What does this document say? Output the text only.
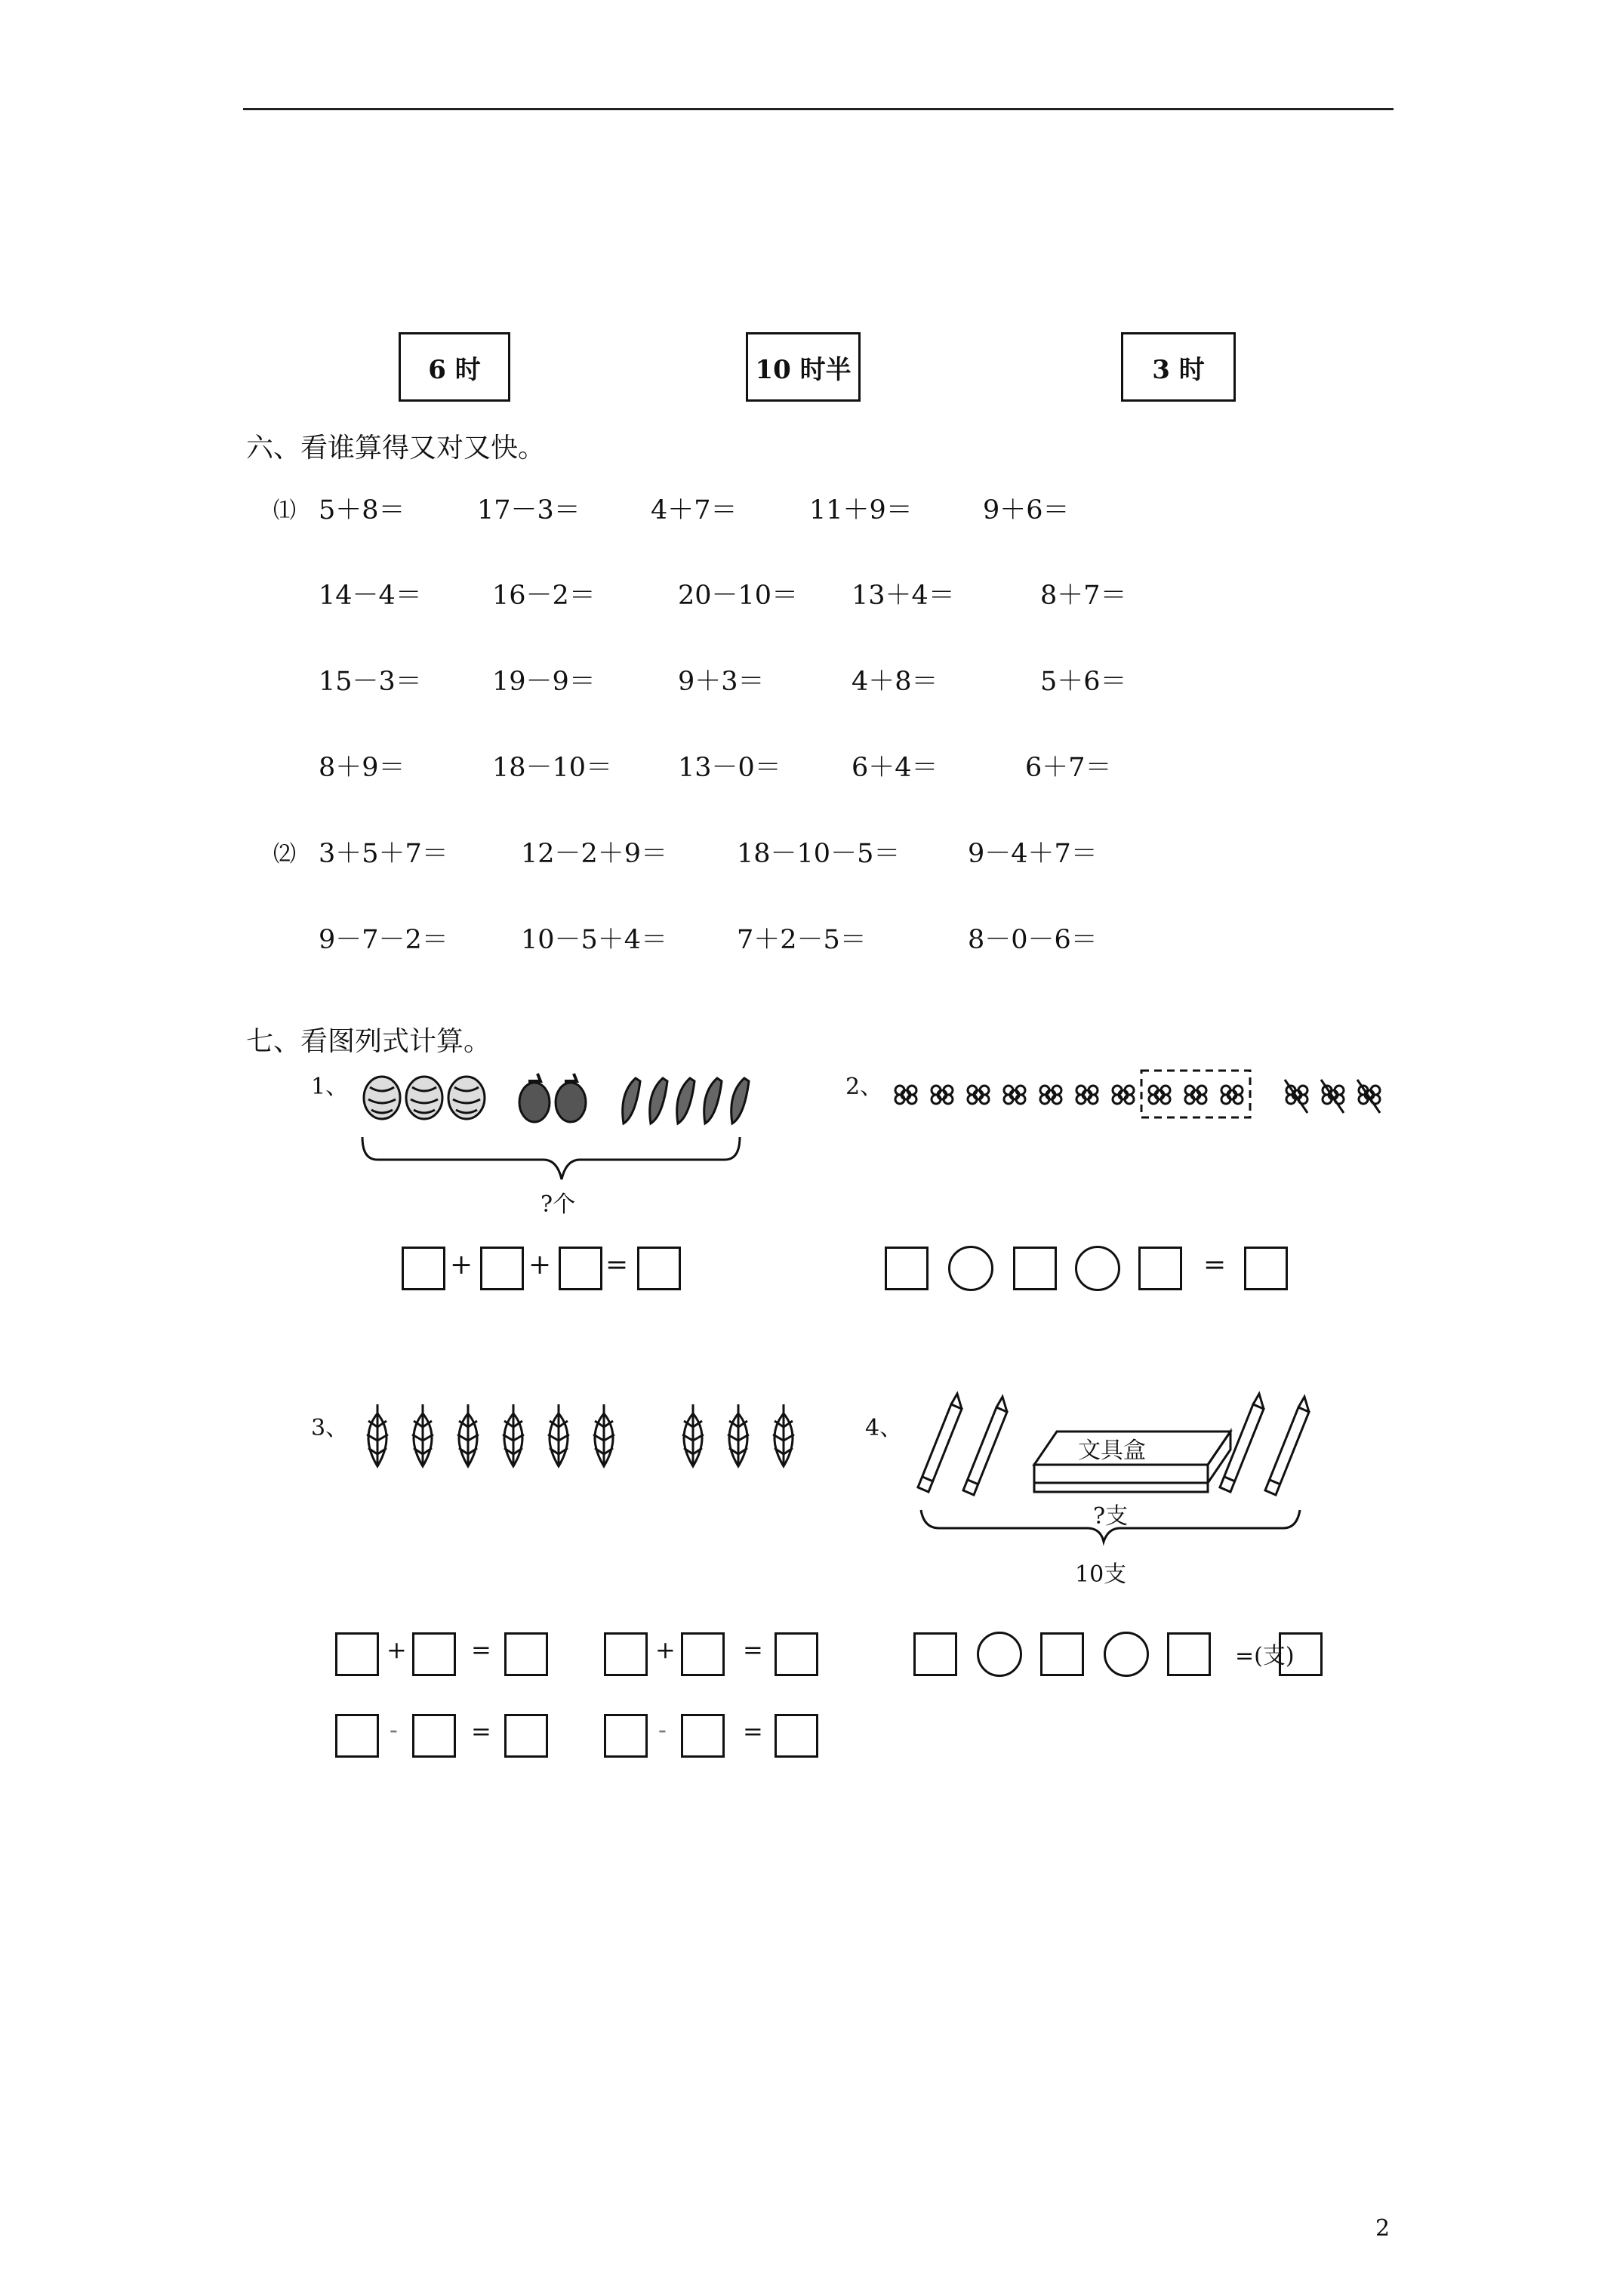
6 时	10 时半	3 时
六、看谁算得又对又快。
⑴ 5＋8＝	17－3＝	4＋7＝	11＋9＝	9＋6＝
14－4＝	16－2＝	20－10＝ 13＋4＝	8＋7＝
15－3＝	19－9＝	9＋3＝	4＋8＝	5＋6＝
8＋9＝	18－10＝ 13－0＝	6＋4＝	6＋7＝
⑵ 3＋5＋7＝	12－2＋9＝	18－10－5＝	9－4＋7＝
9－7－2＝	10－5＋4＝	7＋2－5＝	8－0－6＝
七、看图列式计算。
1、
?个
+ + =
2、
=
3、
+	=	+	=
-	=	-	=
4、
文具盒
?支
10支
=(支)
2
